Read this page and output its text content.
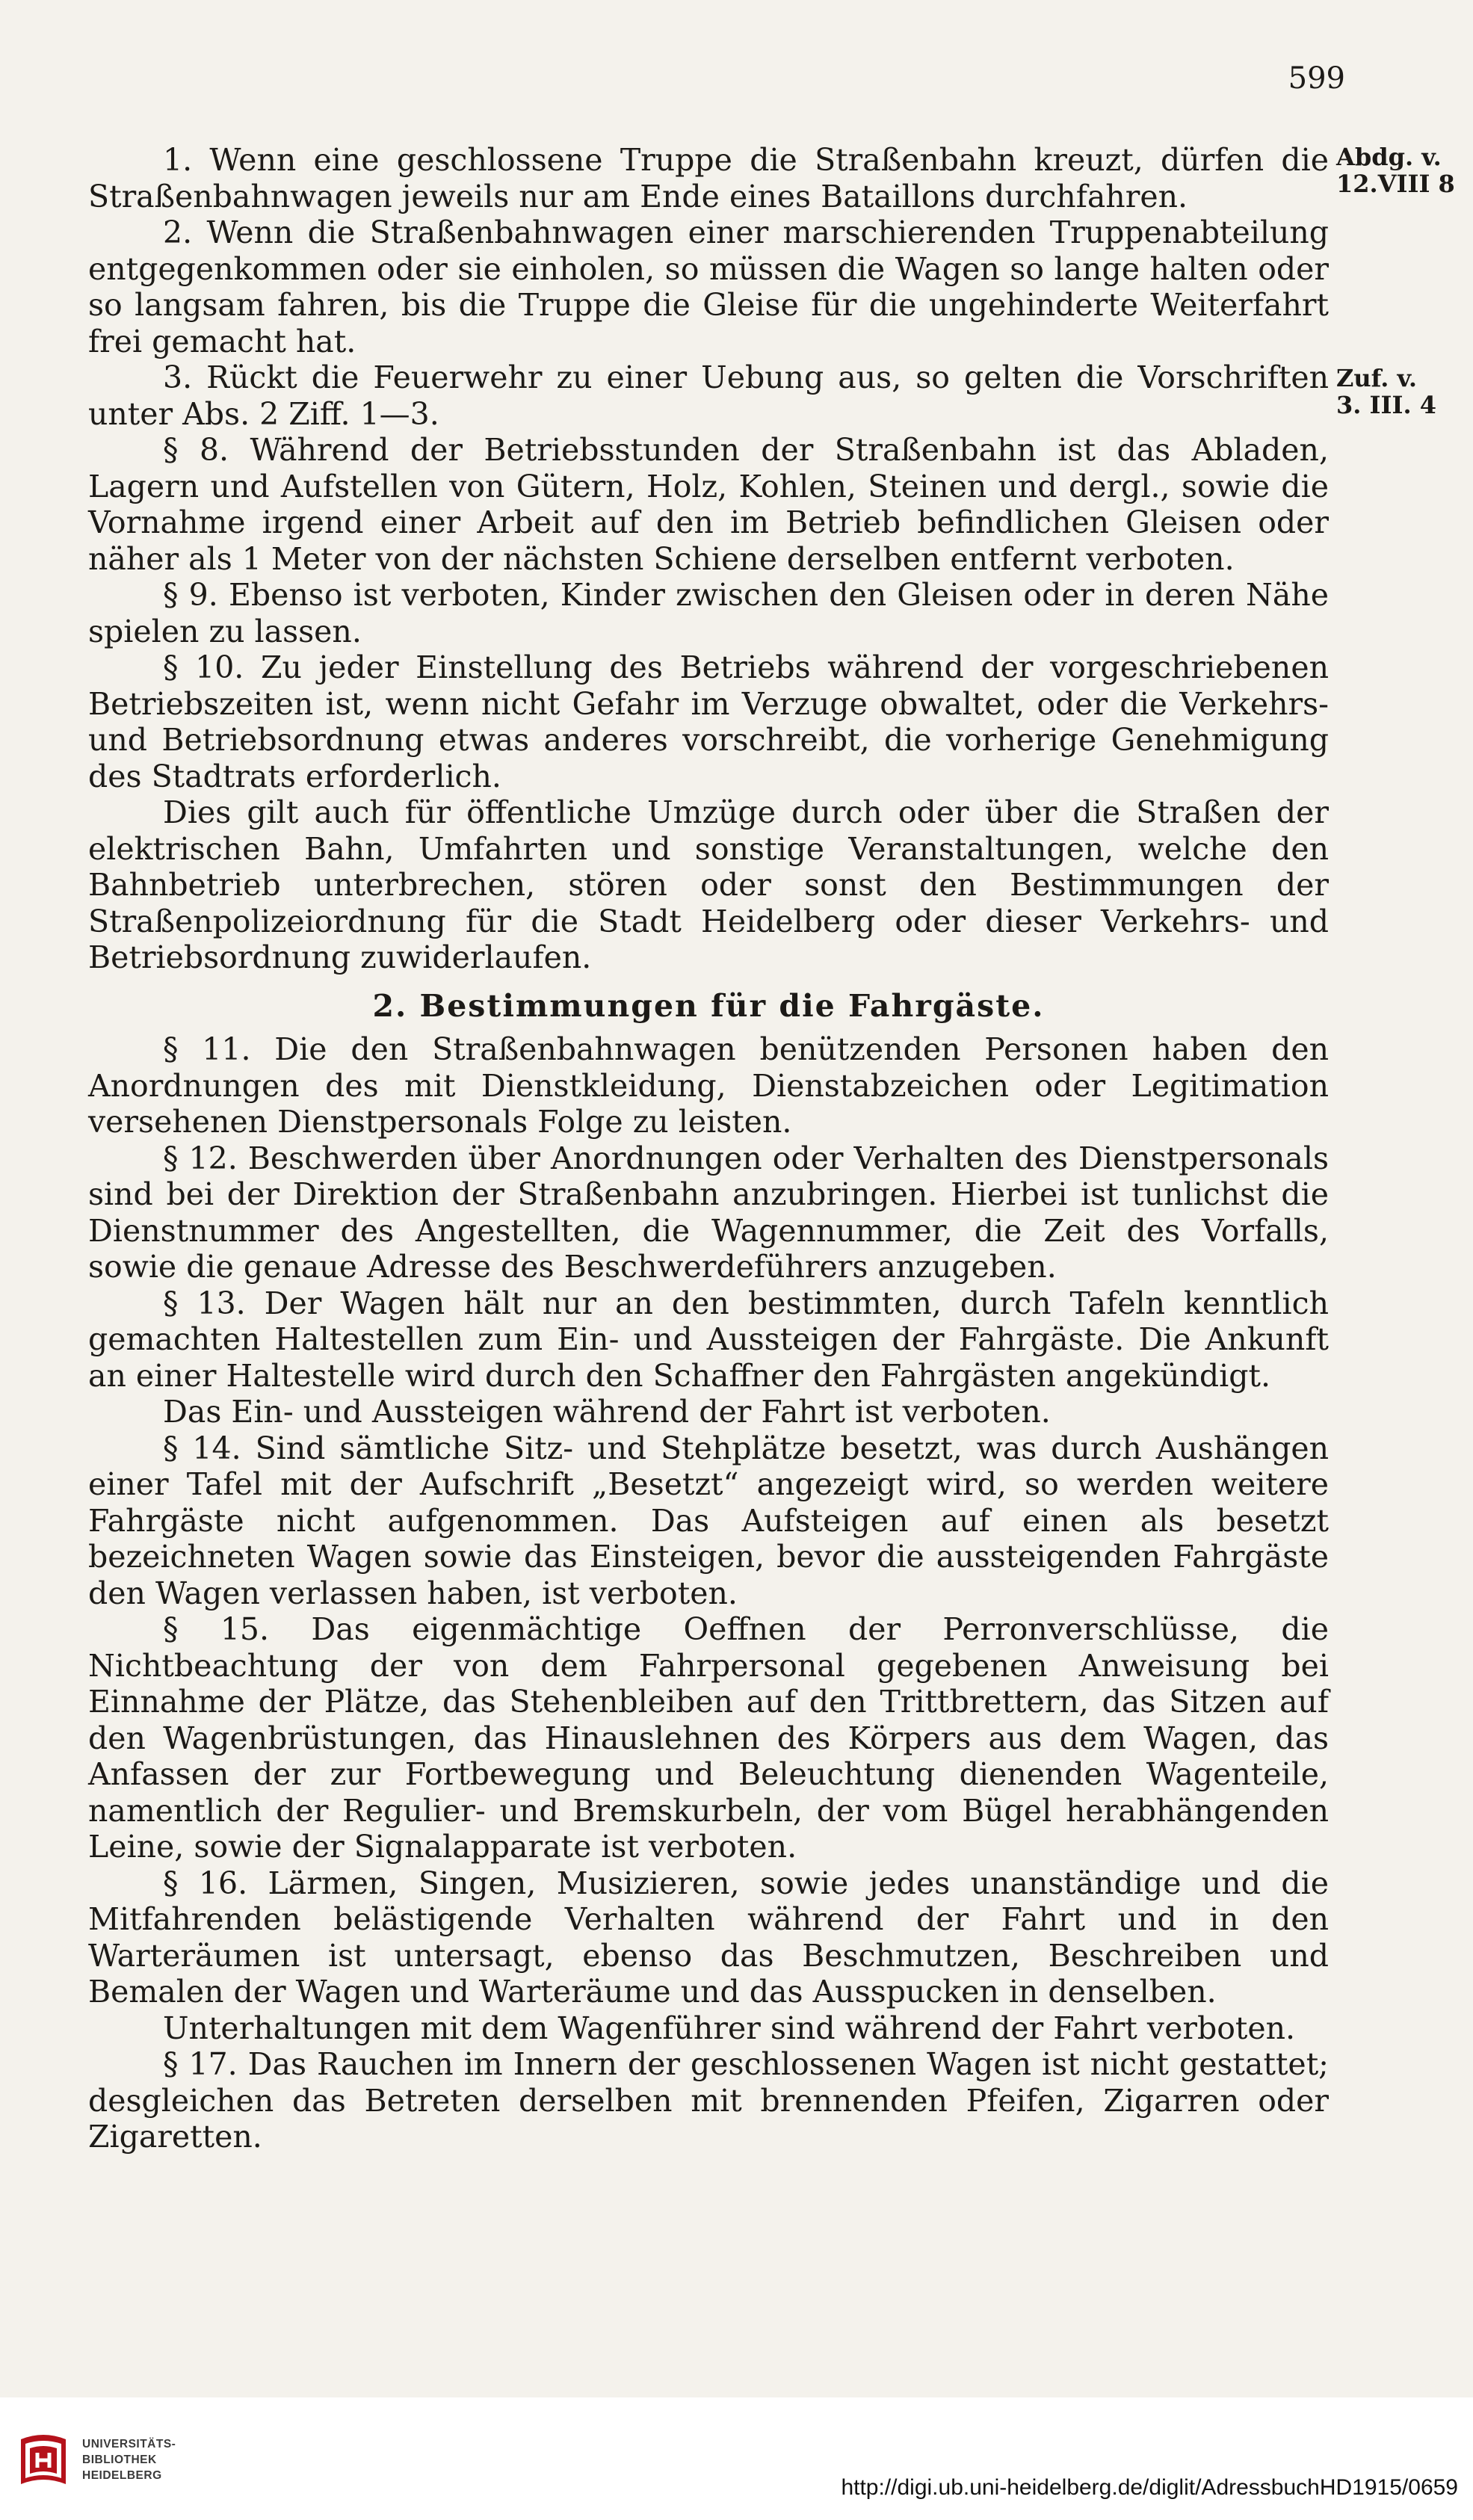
599
Abdg. v.
12.VIII 8
Zuf. v.
3. III. 4

1. Wenn eine geschlossene Truppe die Straßenbahn kreuzt, dürfen die Straßenbahnwagen jeweils nur am Ende eines Bataillons durchfahren.

2. Wenn die Straßenbahnwagen einer marschierenden Truppenabteilung entgegenkommen oder sie einholen, so müssen die Wagen so lange halten oder so langsam fahren, bis die Truppe die Gleise für die ungehinderte Weiterfahrt frei gemacht hat.

3. Rückt die Feuerwehr zu einer Uebung aus, so gelten die Vorschriften unter Abs. 2 Ziff. 1—3.

§ 8. Während der Betriebsstunden der Straßenbahn ist das Abladen, Lagern und Aufstellen von Gütern, Holz, Kohlen, Steinen und dergl., sowie die Vornahme irgend einer Arbeit auf den im Betrieb befindlichen Gleisen oder näher als 1 Meter von der nächsten Schiene derselben entfernt verboten.

§ 9. Ebenso ist verboten, Kinder zwischen den Gleisen oder in deren Nähe spielen zu lassen.

§ 10. Zu jeder Einstellung des Betriebs während der vorgeschriebenen Betriebszeiten ist, wenn nicht Gefahr im Verzuge obwaltet, oder die Verkehrs- und Betriebsordnung etwas anderes vorschreibt, die vorherige Genehmigung des Stadtrats erforderlich.

Dies gilt auch für öffentliche Umzüge durch oder über die Straßen der elektrischen Bahn, Umfahrten und sonstige Veranstaltungen, welche den Bahnbetrieb unterbrechen, stören oder sonst den Bestimmungen der Straßenpolizeiordnung für die Stadt Heidelberg oder dieser Verkehrs- und Betriebsordnung zuwiderlaufen.

2. Bestimmungen für die Fahrgäste.

§ 11. Die den Straßenbahnwagen benützenden Personen haben den Anordnungen des mit Dienstkleidung, Dienstabzeichen oder Legitimation versehenen Dienstpersonals Folge zu leisten.

§ 12. Beschwerden über Anordnungen oder Verhalten des Dienstpersonals sind bei der Direktion der Straßenbahn anzubringen. Hierbei ist tunlichst die Dienstnummer des Angestellten, die Wagennummer, die Zeit des Vorfalls, sowie die genaue Adresse des Beschwerdeführers anzugeben.

§ 13. Der Wagen hält nur an den bestimmten, durch Tafeln kenntlich gemachten Haltestellen zum Ein- und Aussteigen der Fahrgäste. Die Ankunft an einer Haltestelle wird durch den Schaffner den Fahrgästen angekündigt.

Das Ein- und Aussteigen während der Fahrt ist verboten.

§ 14. Sind sämtliche Sitz- und Stehplätze besetzt, was durch Aushängen einer Tafel mit der Aufschrift „Besetzt“ angezeigt wird, so werden weitere Fahrgäste nicht aufgenommen. Das Aufsteigen auf einen als besetzt bezeichneten Wagen sowie das Einsteigen, bevor die aussteigenden Fahrgäste den Wagen verlassen haben, ist verboten.

§ 15. Das eigenmächtige Oeffnen der Perronverschlüsse, die Nichtbeachtung der von dem Fahrpersonal gegebenen Anweisung bei Einnahme der Plätze, das Stehenbleiben auf den Trittbrettern, das Sitzen auf den Wagenbrüstungen, das Hinauslehnen des Körpers aus dem Wagen, das Anfassen der zur Fortbewegung und Beleuchtung dienenden Wagenteile, namentlich der Regulier- und Bremskurbeln, der vom Bügel herabhängenden Leine, sowie der Signalapparate ist verboten.

§ 16. Lärmen, Singen, Musizieren, sowie jedes unanständige und die Mitfahrenden belästigende Verhalten während der Fahrt und in den Warteräumen ist untersagt, ebenso das Beschmutzen, Beschreiben und Bemalen der Wagen und Warteräume und das Ausspucken in denselben.

Unterhaltungen mit dem Wagenführer sind während der Fahrt verboten.

§ 17. Das Rauchen im Innern der geschlossenen Wagen ist nicht gestattet; desgleichen das Betreten derselben mit brennenden Pfeifen, Zigarren oder Zigaretten.

UNIVERSITÄTS-
BIBLIOTHEK
HEIDELBERG	http://digi.ub.uni-heidelberg.de/diglit/AdressbuchHD1915/0659
